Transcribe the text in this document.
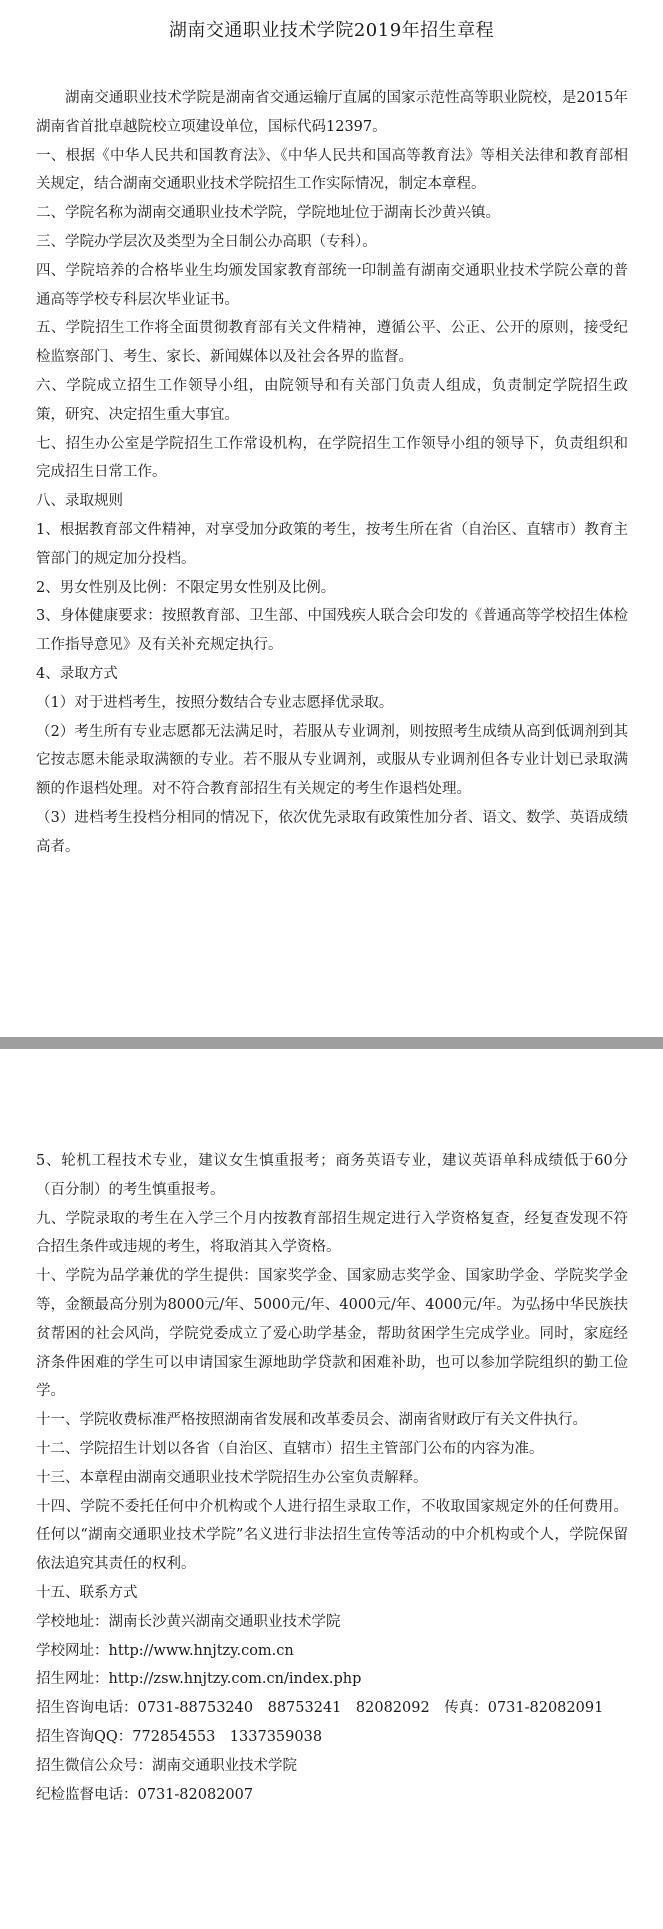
湖南交通职业技术学院2019年招生章程

湖南交通职业技术学院是湖南省交通运输厅直属的国家示范性高等职业院校，是2015年湖南省首批卓越院校立项建设单位，国标代码12397。

一、根据《中华人民共和国教育法》、《中华人民共和国高等教育法》等相关法律和教育部相关规定，结合湖南交通职业技术学院招生工作实际情况，制定本章程。

二、学院名称为湖南交通职业技术学院，学院地址位于湖南长沙黄兴镇。

三、学院办学层次及类型为全日制公办高职（专科）。

四、学院培养的合格毕业生均颁发国家教育部统一印制盖有湖南交通职业技术学院公章的普通高等学校专科层次毕业证书。

五、学院招生工作将全面贯彻教育部有关文件精神，遵循公平、公正、公开的原则，接受纪检监察部门、考生、家长、新闻媒体以及社会各界的监督。

六、学院成立招生工作领导小组，由院领导和有关部门负责人组成，负责制定学院招生政策，研究、决定招生重大事宜。

七、招生办公室是学院招生工作常设机构，在学院招生工作领导小组的领导下，负责组织和完成招生日常工作。

八、录取规则

1、根据教育部文件精神，对享受加分政策的考生，按考生所在省（自治区、直辖市）教育主管部门的规定加分投档。

2、男女性别及比例：不限定男女性别及比例。

3、身体健康要求：按照教育部、卫生部、中国残疾人联合会印发的《普通高等学校招生体检工作指导意见》及有关补充规定执行。

4、录取方式

（1）对于进档考生，按照分数结合专业志愿择优录取。

（2）考生所有专业志愿都无法满足时，若服从专业调剂，则按照考生成绩从高到低调剂到其它按志愿未能录取满额的专业。若不服从专业调剂，或服从专业调剂但各专业计划已录取满额的作退档处理。对不符合教育部招生有关规定的考生作退档处理。

（3）进档考生投档分相同的情况下，依次优先录取有政策性加分者、语文、数学、英语成绩高者。

5、轮机工程技术专业，建议女生慎重报考；商务英语专业，建议英语单科成绩低于60分（百分制）的考生慎重报考。

九、学院录取的考生在入学三个月内按教育部招生规定进行入学资格复查，经复查发现不符合招生条件或违规的考生，将取消其入学资格。

十、学院为品学兼优的学生提供：国家奖学金、国家励志奖学金、国家助学金、学院奖学金等，金额最高分别为8000元/年、5000元/年、4000元/年、4000元/年。为弘扬中华民族扶贫帮困的社会风尚，学院党委成立了爱心助学基金，帮助贫困学生完成学业。同时，家庭经济条件困难的学生可以申请国家生源地助学贷款和困难补助，也可以参加学院组织的勤工俭学。

十一、学院收费标准严格按照湖南省发展和改革委员会、湖南省财政厅有关文件执行。

十二、学院招生计划以各省（自治区、直辖市）招生主管部门公布的内容为准。

十三、本章程由湖南交通职业技术学院招生办公室负责解释。

十四、学院不委托任何中介机构或个人进行招生录取工作，不收取国家规定外的任何费用。任何以“湖南交通职业技术学院”名义进行非法招生宣传等活动的中介机构或个人，学院保留依法追究其责任的权利。

十五、联系方式

学校地址：湖南长沙黄兴湖南交通职业技术学院

学校网址：http://www.hnjtzy.com.cn

招生网址：http://zsw.hnjtzy.com.cn/index.php

招生咨询电话：0731-88753240　88753241　82082092　传真：0731-82082091

招生咨询QQ：772854553　1337359038

招生微信公众号：湖南交通职业技术学院

纪检监督电话：0731-82082007
